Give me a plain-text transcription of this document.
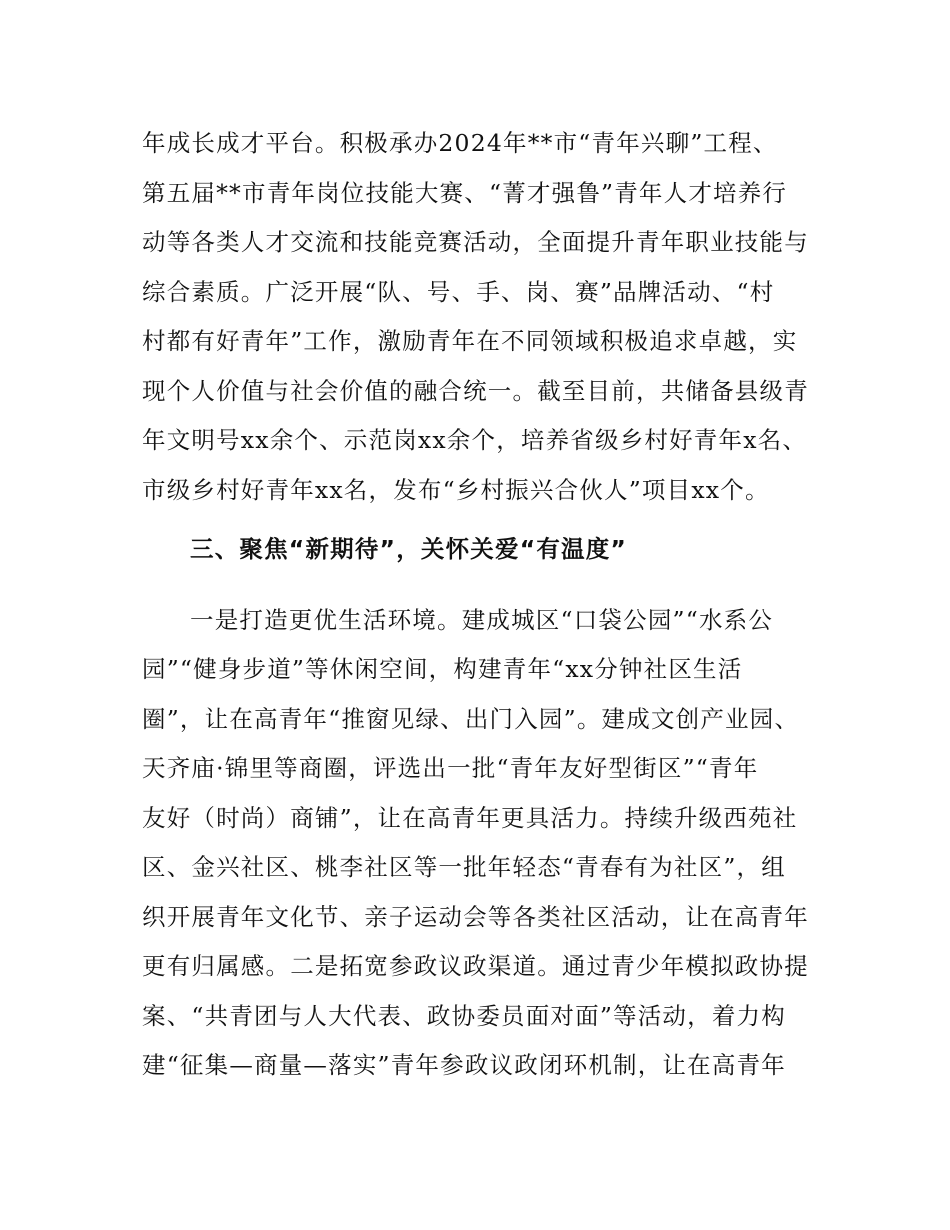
年成长成才平台。积极承办2024年**市“青年兴聊”工程、
第五届**市青年岗位技能大赛、“菁才强鲁”青年人才培养行
动等各类人才交流和技能竞赛活动，全面提升青年职业技能与
综合素质。广泛开展“队、号、手、岗、赛”品牌活动、“村
村都有好青年”工作，激励青年在不同领域积极追求卓越，实
现个人价值与社会价值的融合统一。截至目前，共储备县级青
年文明号xx余个、示范岗xx余个，培养省级乡村好青年x名、
市级乡村好青年xx名，发布“乡村振兴合伙人”项目xx个。
三、聚焦“新期待”，关怀关爱“有温度”
一是打造更优生活环境。建成城区“口袋公园”“水系公
园”“健身步道”等休闲空间，构建青年“xx分钟社区生活
圈”，让在高青年“推窗见绿、出门入园”。建成文创产业园、
天齐庙·锦里等商圈，评选出一批“青年友好型街区”“青年
友好（时尚）商铺”，让在高青年更具活力。持续升级西苑社
区、金兴社区、桃李社区等一批年轻态“青春有为社区”，组
织开展青年文化节、亲子运动会等各类社区活动，让在高青年
更有归属感。二是拓宽参政议政渠道。通过青少年模拟政协提
案、“共青团与人大代表、政协委员面对面”等活动，着力构
建“征集—商量—落实”青年参政议政闭环机制，让在高青年
